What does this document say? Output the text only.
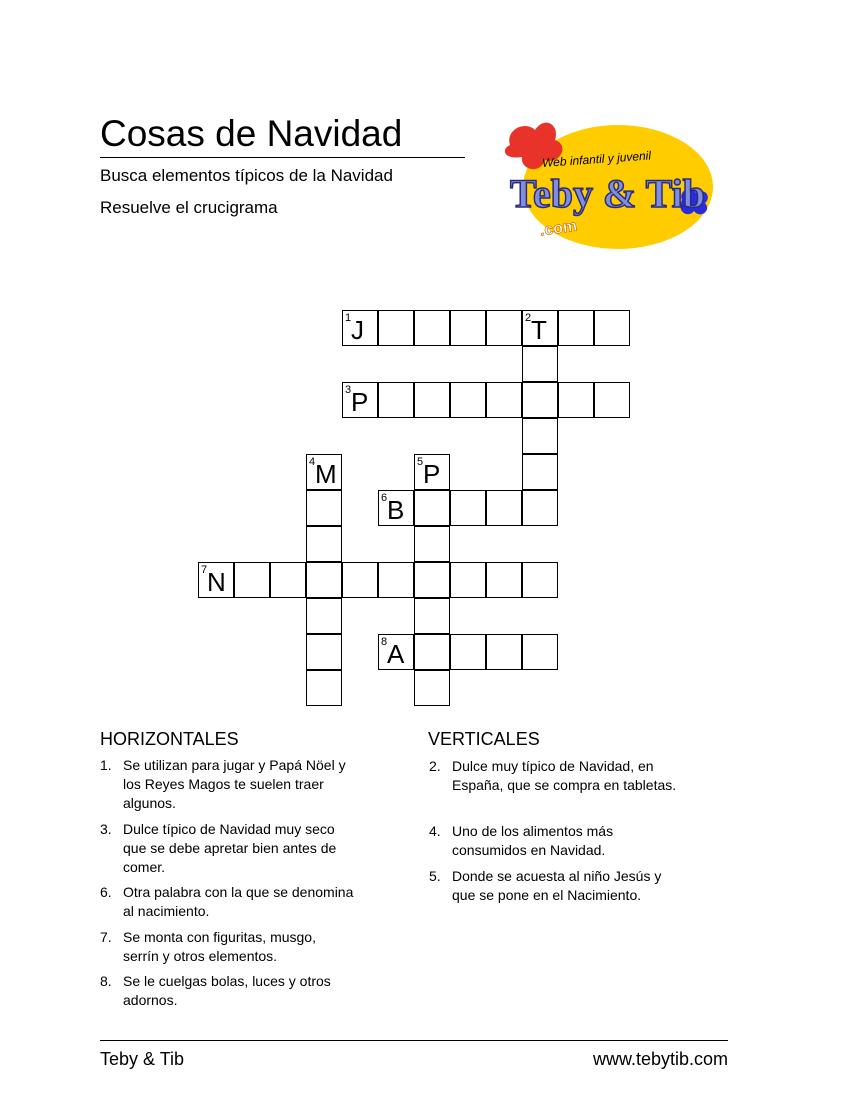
Cosas de Navidad
Busca elementos típicos de la Navidad
Resuelve el crucigrama
Web infantil y juvenil
Teby & Tib
.com
1 J	2 T
3 P
4 M	5 P
6 B
7 N
8 A
HORIZONTALES	VERTICALES
1. Se utilizan para jugar y Papá Nöel y
los Reyes Magos te suelen traer
algunos.
3. Dulce típico de Navidad muy seco
que se debe apretar bien antes de
comer.
6. Otra palabra con la que se denomina
al nacimiento.
7. Se monta con figuritas, musgo,
serrín y otros elementos.
8. Se le cuelgas bolas, luces y otros
adornos.
2. Dulce muy típico de Navidad, en
España, que se compra en tabletas.
4. Uno de los alimentos más
consumidos en Navidad.
5. Donde se acuesta al niño Jesús y
que se pone en el Nacimiento.
Teby & Tib	www.tebytib.com
